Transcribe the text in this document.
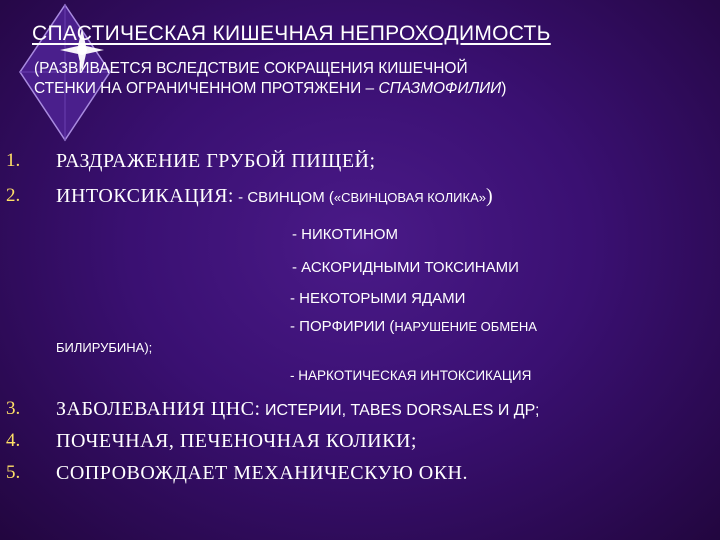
СПАСТИЧЕСКАЯ КИШЕЧНАЯ НЕПРОХОДИМОСТЬ
(РАЗВИВАЕТСЯ ВСЛЕДСТВИЕ СОКРАЩЕНИЯ КИШЕЧНОЙ
СТЕНКИ НА ОГРАНИЧЕННОМ ПРОТЯЖЕНИ – СПАЗМОФИЛИИ)
1. РАЗДРАЖЕНИЕ ГРУБОЙ ПИЩЕЙ;
2. ИНТОКСИКАЦИЯ: - СВИНЦОМ («СВИНЦОВАЯ КОЛИКА»)
- НИКОТИНОМ
- АСКОРИДНЫМИ ТОКСИНАМИ
- НЕКОТОРЫМИ ЯДАМИ
- ПОРФИРИИ (НАРУШЕНИЕ ОБМЕНА
БИЛИРУБИНА);
- НАРКОТИЧЕСКАЯ ИНТОКСИКАЦИЯ
3. ЗАБОЛЕВАНИЯ ЦНС: ИСТЕРИИ, TABES DORSALES И ДР;
4. ПОЧЕЧНАЯ, ПЕЧЕНОЧНАЯ КОЛИКИ;
5. СОПРОВОЖДАЕТ МЕХАНИЧЕСКУЮ ОКН.
